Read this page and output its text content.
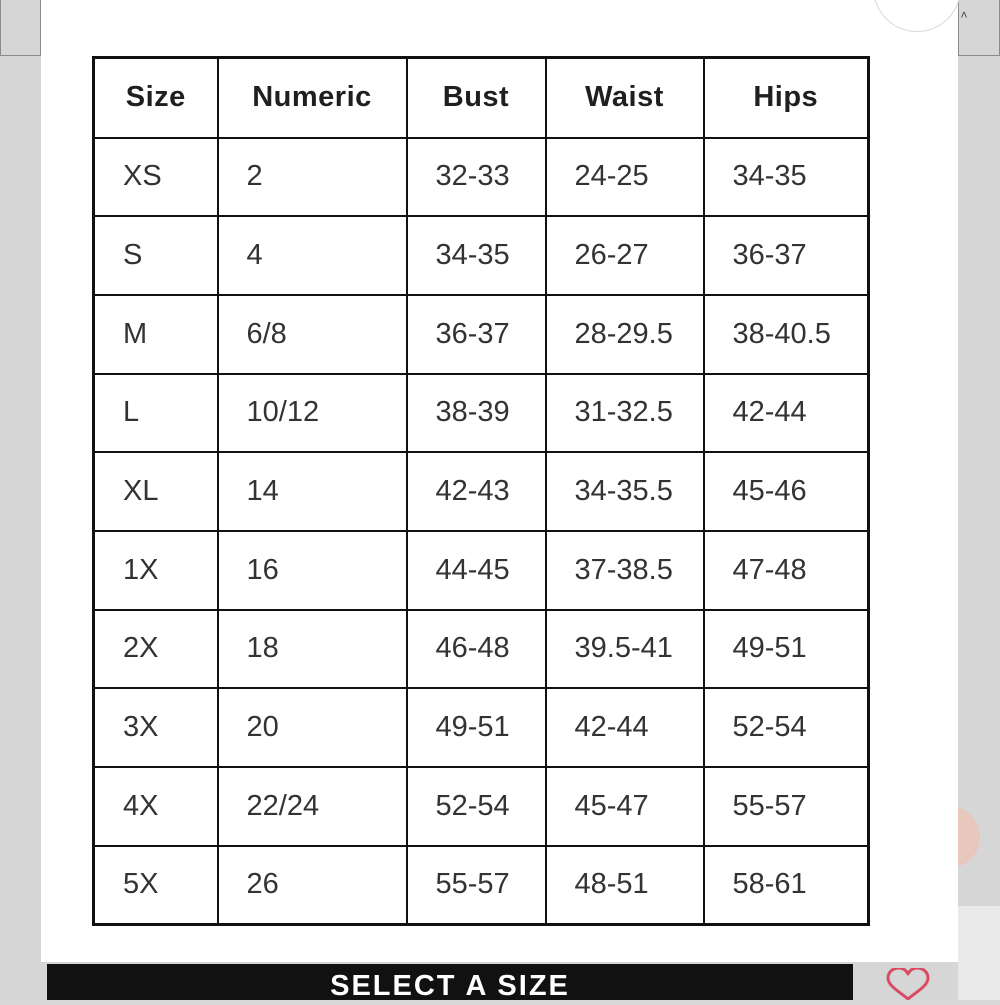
˄
Size	Numeric	Bust	Waist	Hips
XS	2	32-33	24-25	34-35
S	4	34-35	26-27	36-37
M	6/8	36-37	28-29.5	38-40.5
L	10/12	38-39	31-32.5	42-44
XL	14	42-43	34-35.5	45-46
1X	16	44-45	37-38.5	47-48
2X	18	46-48	39.5-41	49-51
3X	20	49-51	42-44	52-54
4X	22/24	52-54	45-47	55-57
5X	26	55-57	48-51	58-61
SELECT A SIZE
